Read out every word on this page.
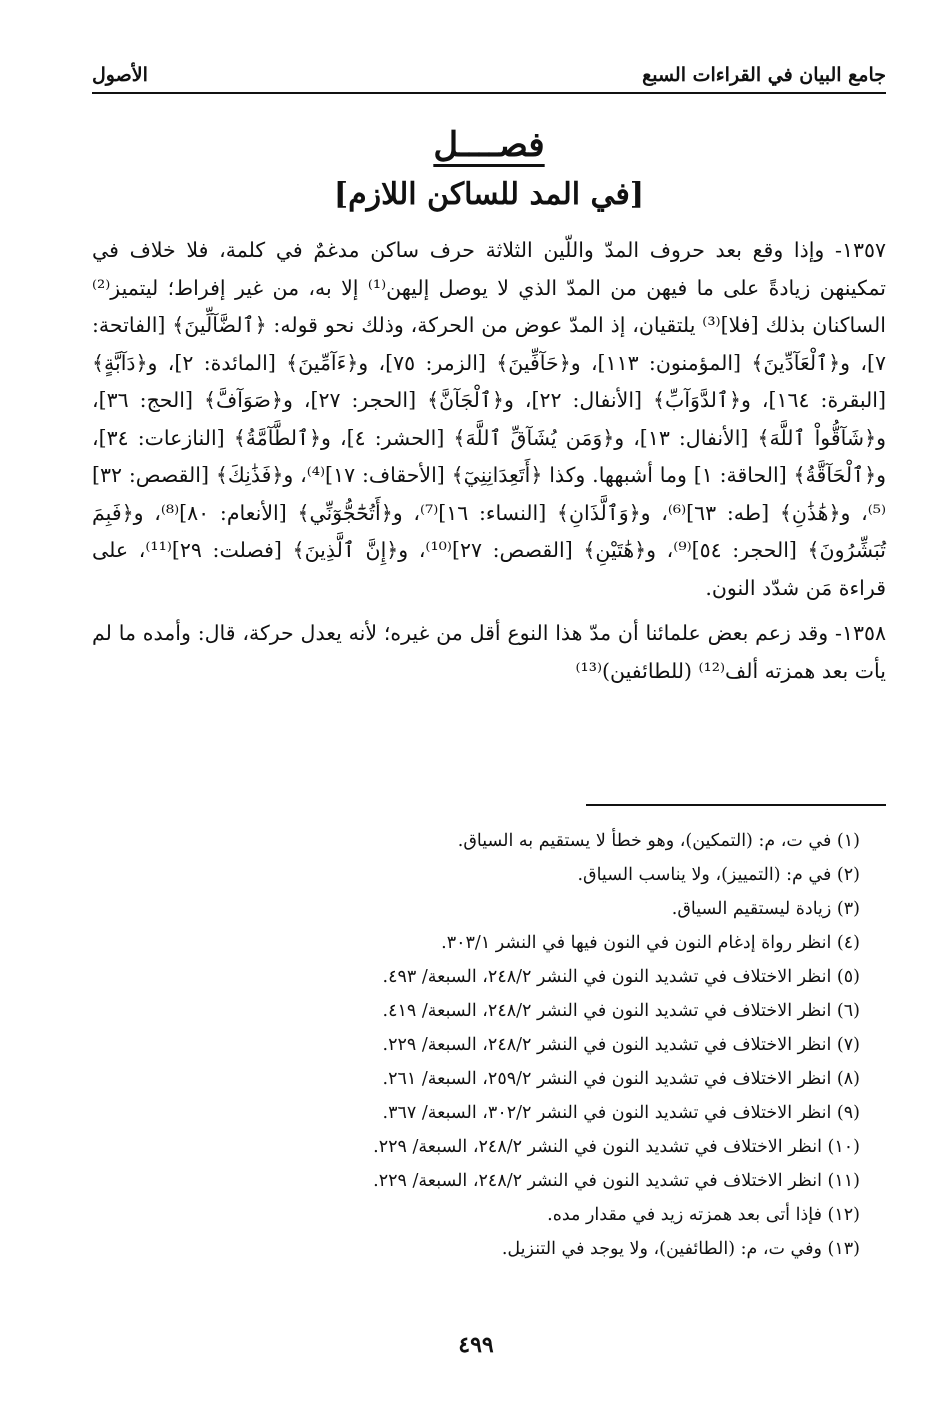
جامع البيان في القراءات السبع
الأصول
فصــــل
[في المد للساكن اللازم]

١٣٥٧- وإذا وقع بعد حروف المدّ واللّين الثلاثة حرف ساكن مدغمٌ في كلمة، فلا خلاف في تمكينهن زيادةً على ما فيهن من المدّ الذي لا يوصل إليهن⁽¹⁾ إلا به، من غير إفراط؛ ليتميز⁽²⁾ الساكنان بذلك [فلا]⁽³⁾ يلتقيان، إذ المدّ عوض من الحركة، وذلك نحو قوله: ﴿ٱلضَّآلِّينَ﴾ [الفاتحة: ٧]، و﴿ٱلْعَآدِّينَ﴾ [المؤمنون: ١١٣]، و﴿حَآفِّينَ﴾ [الزمر: ٧٥]، و﴿ءَآمِّينَ﴾ [المائدة: ٢]، و﴿دَآبَّةٍ﴾ [البقرة: ١٦٤]، و﴿ٱلدَّوَآبِّ﴾ [الأنفال: ٢٢]، و﴿ٱلْجَآنَّ﴾ [الحجر: ٢٧]، و﴿صَوَآفَّ﴾ [الحج: ٣٦]، و﴿شَآقُّواْ ٱللَّهَ﴾ [الأنفال: ١٣]، و﴿وَمَن يُشَآقِّ ٱللَّهَ﴾ [الحشر: ٤]، و﴿ٱلطَّآمَّةُ﴾ [النازعات: ٣٤]، و﴿ٱلْحَآقَّةُ﴾ [الحاقة: ١] وما أشبهها. وكذا ﴿أَتَعِدَانِنِيٓ﴾ [الأحقاف: ١٧]⁽⁴⁾، و﴿فَذَٰنِكَ﴾ [القصص: ٣٢]⁽⁵⁾، و﴿هَٰذَٰنِ﴾ [طه: ٦٣]⁽⁶⁾، و﴿وَٱلَّذَانِ﴾ [النساء: ١٦]⁽⁷⁾، و﴿أَتُحَٰٓجُّوٓنِّي﴾ [الأنعام: ٨٠]⁽⁸⁾، و﴿فَبِمَ تُبَشِّرُونَ﴾ [الحجر: ٥٤]⁽⁹⁾، و﴿هَٰتَيْنِ﴾ [القصص: ٢٧]⁽¹⁰⁾، و﴿إِنَّ ٱلَّذِينَ﴾ [فصلت: ٢٩]⁽¹¹⁾، على قراءة مَن شدّد النون.

١٣٥٨- وقد زعم بعض علمائنا أن مدّ هذا النوع أقل من غيره؛ لأنه يعدل حركة، قال: وأمده ما لم يأت بعد همزته ألف⁽¹²⁾ (للطائفين)⁽¹³⁾

(١) في ت، م: (التمكين)، وهو خطأ لا يستقيم به السياق.
(٢) في م: (التمييز)، ولا يناسب السياق.
(٣) زيادة ليستقيم السياق.
(٤) انظر رواة إدغام النون في النون فيها في النشر ٣٠٣/١.
(٥) انظر الاختلاف في تشديد النون في النشر ٢٤٨/٢، السبعة/ ٤٩٣.
(٦) انظر الاختلاف في تشديد النون في النشر ٢٤٨/٢، السبعة/ ٤١٩.
(٧) انظر الاختلاف في تشديد النون في النشر ٢٤٨/٢، السبعة/ ٢٢٩.
(٨) انظر الاختلاف في تشديد النون في النشر ٢٥٩/٢، السبعة/ ٢٦١.
(٩) انظر الاختلاف في تشديد النون في النشر ٣٠٢/٢، السبعة/ ٣٦٧.
(١٠) انظر الاختلاف في تشديد النون في النشر ٢٤٨/٢، السبعة/ ٢٢٩.
(١١) انظر الاختلاف في تشديد النون في النشر ٢٤٨/٢، السبعة/ ٢٢٩.
(١٢) فإذا أتى بعد همزته زيد في مقدار مده.
(١٣) وفي ت، م: (الطائفين)، ولا يوجد في التنزيل.
٤٩٩
